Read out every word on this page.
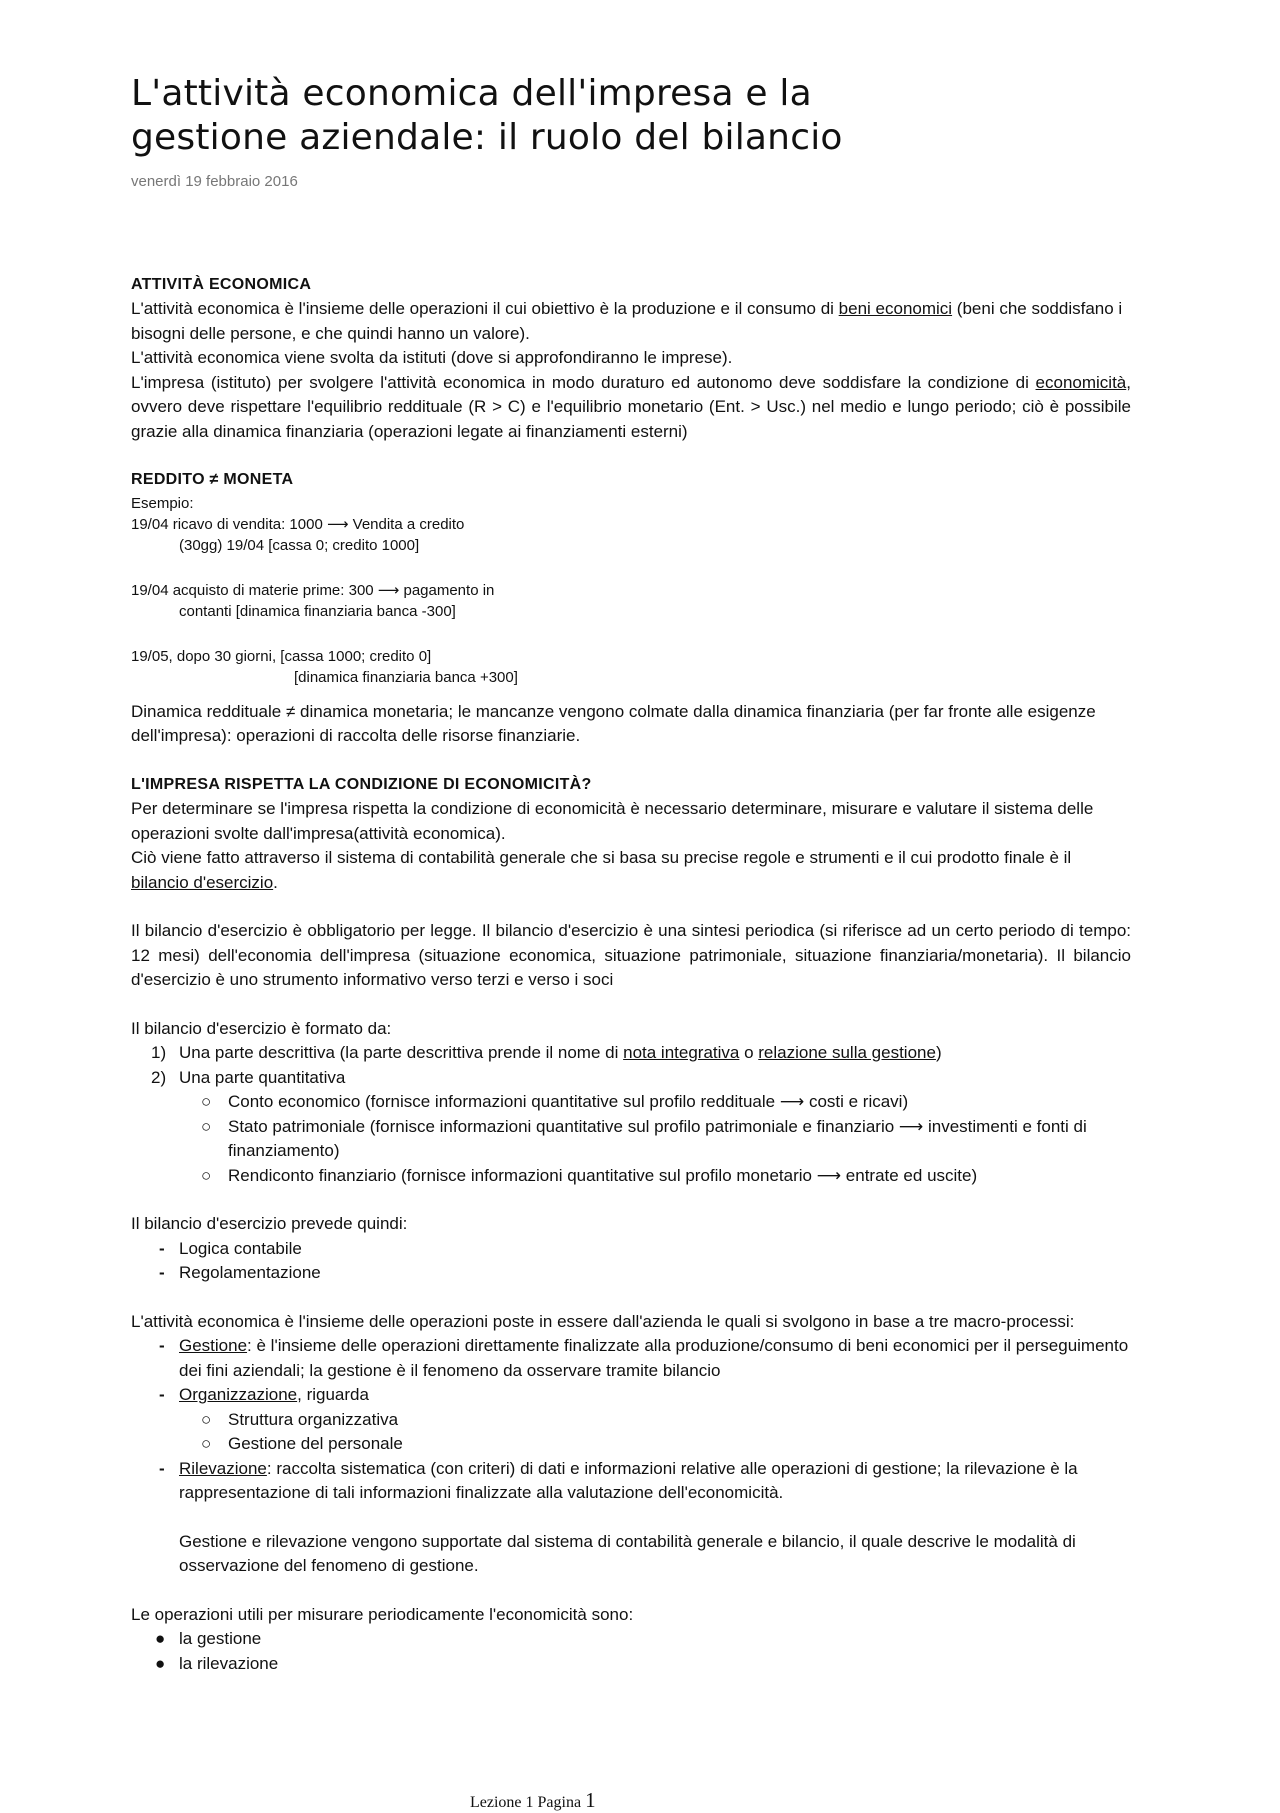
L'attività economica dell'impresa e la
gestione aziendale: il ruolo del bilancio
venerdì 19 febbraio 2016
ATTIVITÀ ECONOMICA

L'attività economica è l'insieme delle operazioni il cui obiettivo è la produzione e il consumo di beni economici (beni che soddisfano i bisogni delle persone, e che quindi hanno un valore).

L'attività economica viene svolta da istituti (dove si approfondiranno le imprese).

L'impresa (istituto) per svolgere l'attività economica in modo duraturo ed autonomo deve soddisfare la condizione di economicità, ovvero deve rispettare l'equilibrio reddituale (R > C) e l'equilibrio monetario (Ent. > Usc.) nel medio e lungo periodo; ciò è possibile grazie alla dinamica finanziaria (operazioni legate ai finanziamenti esterni)

REDDITO ≠ MONETA
Esempio:
19/04 ricavo di vendita: 1000 ⟶ Vendita a credito
(30gg) 19/04 [cassa 0; credito 1000]
19/04 acquisto di materie prime: 300 ⟶ pagamento in
contanti [dinamica finanziaria banca -300]
19/05, dopo 30 giorni, [cassa 1000; credito 0]
[dinamica finanziaria banca +300]

Dinamica reddituale ≠ dinamica monetaria; le mancanze vengono colmate dalla dinamica finanziaria (per far fronte alle esigenze dell'impresa): operazioni di raccolta delle risorse finanziarie.

L'IMPRESA RISPETTA LA CONDIZIONE DI ECONOMICITÀ?

Per determinare se l'impresa rispetta la condizione di economicità è necessario determinare, misurare e valutare il sistema delle operazioni svolte dall'impresa(attività economica).

Ciò viene fatto attraverso il sistema di contabilità generale che si basa su precise regole e strumenti e il cui prodotto finale è il bilancio d'esercizio.

Il bilancio d'esercizio è obbligatorio per legge. Il bilancio d'esercizio è una sintesi periodica (si riferisce ad un certo periodo di tempo: 12 mesi) dell'economia dell'impresa (situazione economica, situazione patrimoniale, situazione finanziaria/monetaria). Il bilancio d'esercizio è uno strumento informativo verso terzi e verso i soci

Il bilancio d'esercizio è formato da:

1) Una parte descrittiva (la parte descrittiva prende il nome di nota integrativa o relazione sulla gestione)
2) Una parte quantitativa
○ Conto economico (fornisce informazioni quantitative sul profilo reddituale ⟶ costi e ricavi)
○ Stato patrimoniale (fornisce informazioni quantitative sul profilo patrimoniale e finanziario ⟶ investimenti e fonti di finanziamento)
○ Rendiconto finanziario (fornisce informazioni quantitative sul profilo monetario ⟶ entrate ed uscite)

Il bilancio d'esercizio prevede quindi:

- Logica contabile
- Regolamentazione

L'attività economica è l'insieme delle operazioni poste in essere dall'azienda le quali si svolgono in base a tre macro-processi:

- Gestione: è l'insieme delle operazioni direttamente finalizzate alla produzione/consumo di beni economici per il perseguimento dei fini aziendali; la gestione è il fenomeno da osservare tramite bilancio
- Organizzazione, riguarda
○ Struttura organizzativa
○ Gestione del personale
- Rilevazione: raccolta sistematica (con criteri) di dati e informazioni relative alle operazioni di gestione; la rilevazione è la rappresentazione di tali informazioni finalizzate alla valutazione dell'economicità.

Gestione e rilevazione vengono supportate dal sistema di contabilità generale e bilancio, il quale descrive le modalità di osservazione del fenomeno di gestione.

Le operazioni utili per misurare periodicamente l'economicità sono:

● la gestione
● la rilevazione
Lezione 1 Pagina 1
